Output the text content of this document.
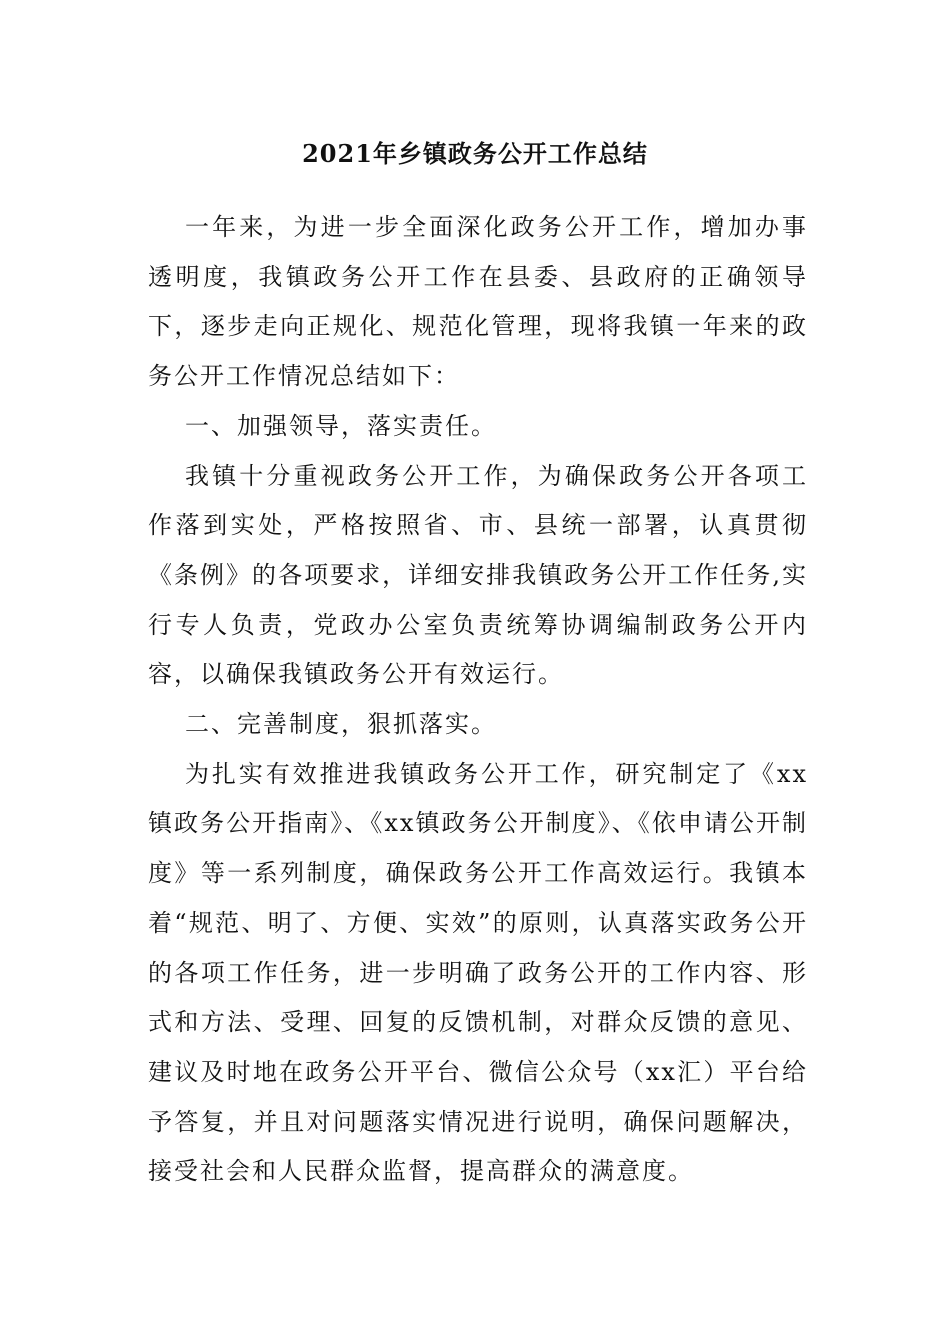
2021年乡镇政务公开工作总结

一年来，为进一步全面深化政务公开工作，增加办事透明度，我镇政务公开工作在县委、县政府的正确领导下，逐步走向正规化、规范化管理，现将我镇一年来的政务公开工作情况总结如下：

一、加强领导，落实责任。

我镇十分重视政务公开工作，为确保政务公开各项工作落到实处，严格按照省、市、县统一部署，认真贯彻《条例》的各项要求，详细安排我镇政务公开工作任务,实行专人负责，党政办公室负责统筹协调编制政务公开内容，以确保我镇政务公开有效运行。

二、完善制度，狠抓落实。

为扎实有效推进我镇政务公开工作，研究制定了《xx镇政务公开指南》、《xx镇政务公开制度》、《依申请公开制度》等一系列制度，确保政务公开工作高效运行。我镇本着“规范、明了、方便、实效”的原则，认真落实政务公开的各项工作任务，进一步明确了政务公开的工作内容、形式和方法、受理、回复的反馈机制，对群众反馈的意见、建议及时地在政务公开平台、微信公众号（xx汇）平台给予答复，并且对问题落实情况进行说明，确保问题解决，接受社会和人民群众监督，提高群众的满意度。
